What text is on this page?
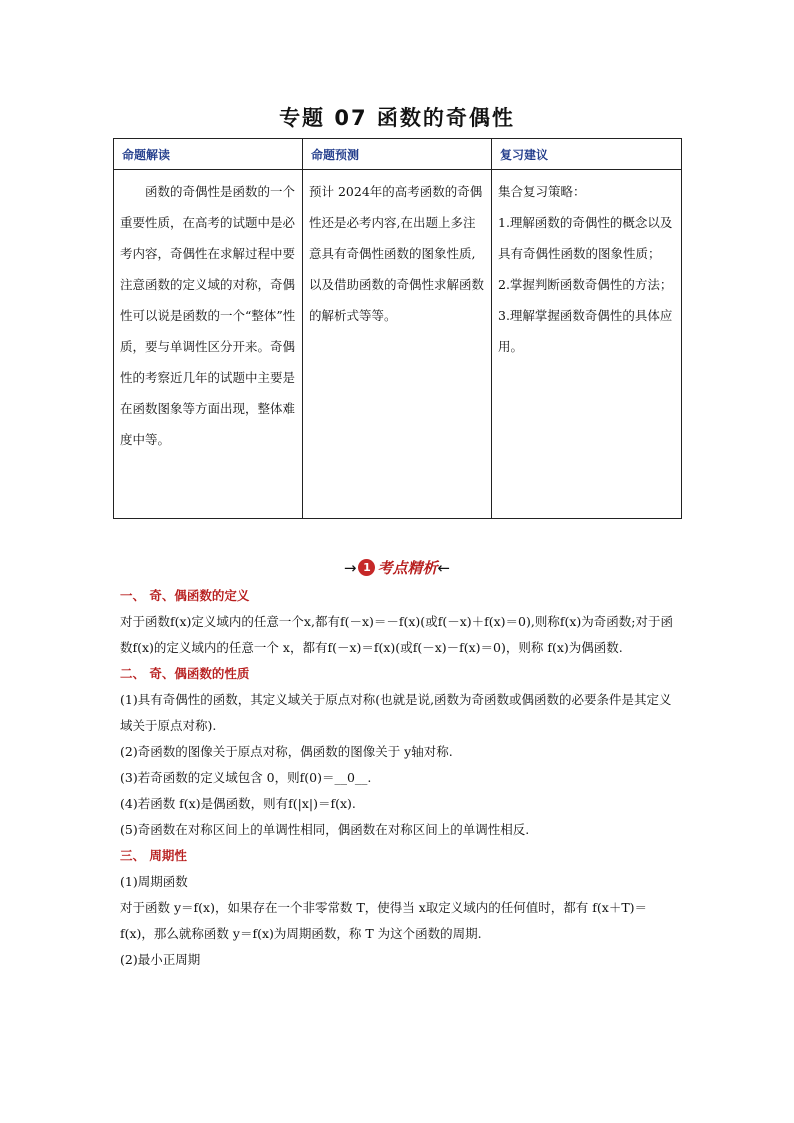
专题 07 函数的奇偶性
命题解读	命题预测	复习建议

函数的奇偶性是函数的一个重要性质，在高考的试题中是必考内容，奇偶性在求解过程中要注意函数的定义域的对称，奇偶性可以说是函数的一个“整体”性质，要与单调性区分开来。奇偶性的考察近几年的试题中主要是在函数图象等方面出现，整体难度中等。	预计 2024年的高考函数的奇偶性还是必考内容,在出题上多注意具有奇偶性函数的图象性质,以及借助函数的奇偶性求解函数的解析式等等。	集合复习策略：
1.理解函数的奇偶性的概念以及具有奇偶性函数的图象性质；
2.掌握判断函数奇偶性的方法；
3.理解掌握函数奇偶性的具体应用。
→ 1 考点精析←
一、 奇、偶函数的定义
对于函数f(x)定义域内的任意一个x,都有f(－x)＝－f(x)(或f(－x)＋f(x)＝0),则称f(x)为奇函数;对于函数f(x)的定义域内的任意一个 x，都有f(－x)＝f(x)(或f(－x)－f(x)＝0)，则称 f(x)为偶函数.
二、 奇、偶函数的性质
(1)具有奇偶性的函数，其定义域关于原点对称(也就是说,函数为奇函数或偶函数的必要条件是其定义域关于原点对称).
(2)奇函数的图像关于原点对称，偶函数的图像关于 y轴对称.
(3)若奇函数的定义域包含 0，则f(0)＝__0__.
(4)若函数 f(x)是偶函数，则有f(|x|)＝f(x).
(5)奇函数在对称区间上的单调性相同，偶函数在对称区间上的单调性相反.
三、 周期性
(1)周期函数
对于函数 y＝f(x)，如果存在一个非零常数 T，使得当 x取定义域内的任何值时，都有 f(x＋T)＝f(x)，那么就称函数 y＝f(x)为周期函数，称 T 为这个函数的周期.
(2)最小正周期
